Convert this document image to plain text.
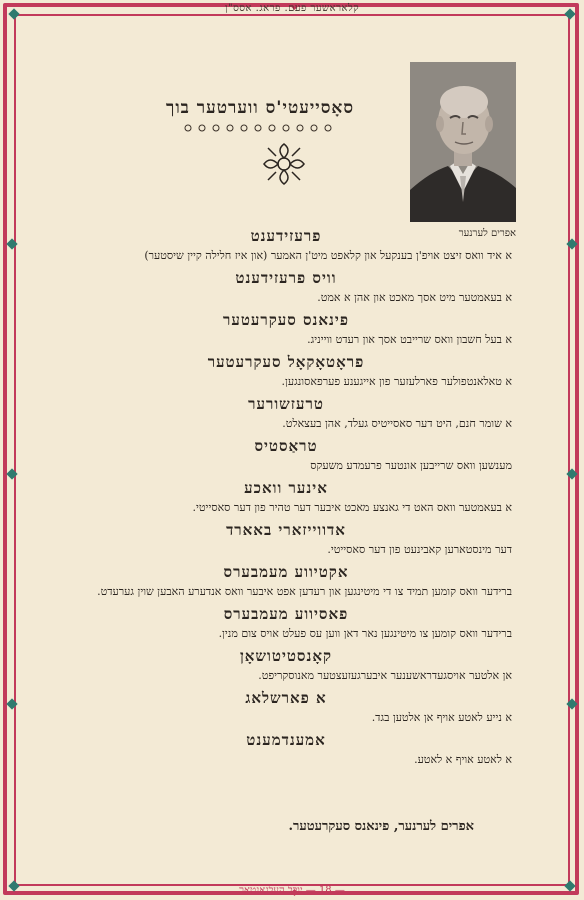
קלאראשער פעם. פראג. אסס"ן
— 18 — יובל העלגאנטאר
אפרים לערנער
סאָסייעטי'ס ווערטער בוך
פרעזידענט
א איד וואס זיצט אויפ'ן בענקעל און קלאפט מיט'ן האמער (און איז חלילה קיין שיסטער)
וויס פרעזידענט
א בעאמטער מיט אסך מאכט און אהן א אמט.
פינאנס סעקרעטער
א בעל חשבון וואס שרייבט אסך און רעדט ווייניג.
פראָטאָקאָל סעקרעטער
א טאלאנטפולער פארלעזער פון אייגענע פערפאסונגען.
טרעזשורער
א שומר חנם, היט דער סאסייטיס געלד, אהן בעצאלט.
טראַסטיס
מענשען וואס שרייבען אונטער פרעמדע משעקס
אינער וואכע
א בעאמטער וואס האט די גאנצע מאכט איבער דער טהיר פון דער סאסייטי.
אדווייזארי באארד
דער מינסטארען קאבינעט פון דער סאסייטי.
אקטיווע מעמבערס
ברידער וואס קומען תמיד צו די מיטינגען און רעדען אפט איבער וואס אנדערע האבען שוין גערעדט.
פאסיווע מעמבערס
ברידער וואס קומען צו מיטינגען נאר דאן ווען עס פעלט אויס צום מנין.
קאָנסטיטושאָן
אן אלטער אויסגעדראשענער איבערגעזעצטער מאנוסקריפט.
א פארשלאג
א נייע לאטע אויף אן אלטען בגד.
אמענדמענט
א לאטע אויף א לאטע.
אפרים לערנער, פינאנס סעקרעטער.
